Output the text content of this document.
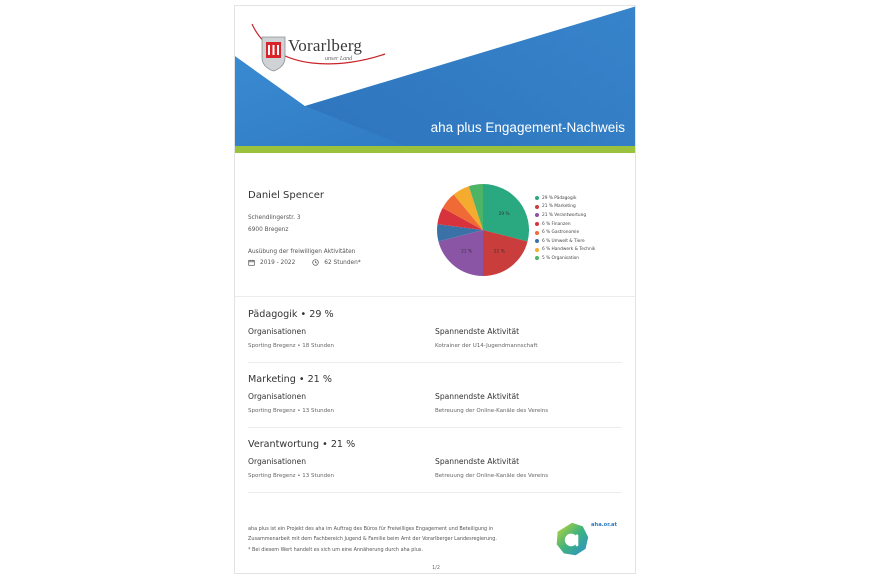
Vorarlberg
unser Land
aha plus Engagement-Nachweis
Daniel Spencer
Schendlingerstr. 3
6900 Bregenz
Ausübung der freiwilligen Aktivitäten
2019 - 2022	62 Stunden*
29 %
21 %
21 %
29 % Pädagogik
21 % Marketing
21 % Verantwortung
6 % Finanzen
6 % Gastronomie
6 % Umwelt & Tiere
6 % Handwerk & Technik
5 % Organisation
Pädagogik • 29 %
Organisationen
Sporting Bregenz • 18 Stunden
Spannendste Aktivität
Kotrainer der U14-Jugendmannschaft
Marketing • 21 %
Organisationen
Sporting Bregenz • 13 Stunden
Spannendste Aktivität
Betreuung der Online-Kanäle des Vereins
Verantwortung • 21 %
Organisationen
Sporting Bregenz • 13 Stunden
Spannendste Aktivität
Betreuung der Online-Kanäle des Vereins
aha plus ist ein Projekt des aha im Auftrag des Büros für Freiwilliges Engagement und Beteiligung in
Zusammenarbeit mit dem Fachbereich Jugend & Familie beim Amt der Vorarlberger Landesregierung.
* Bei diesem Wert handelt es sich um eine Annäherung durch aha plus.
aha.or.at
1/2
